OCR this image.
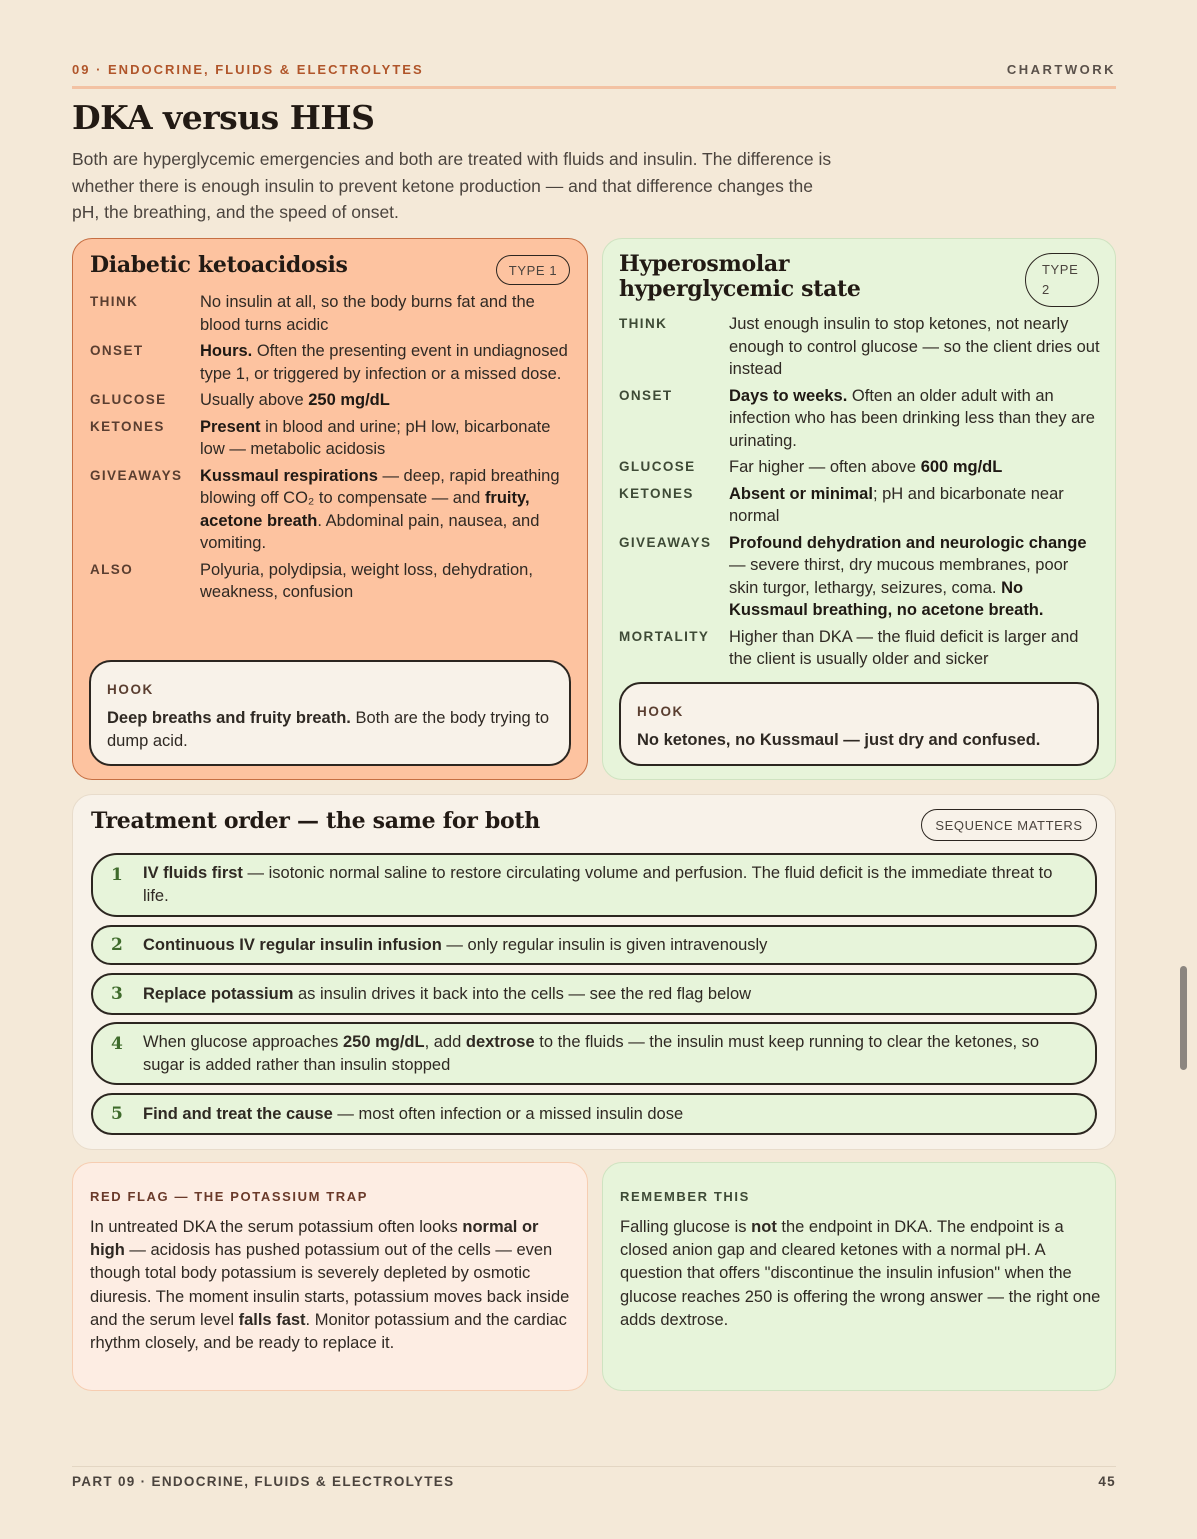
09 · ENDOCRINE, FLUIDS & ELECTROLYTES	CHARTWORK
DKA versus HHS

Both are hyperglycemic emergencies and both are treated with fluids and insulin. The difference is whether there is enough insulin to prevent ketone production — and that difference changes the pH, the breathing, and the speed of onset.

Diabetic ketoacidosis	TYPE 1
THINK	No insulin at all, so the body burns fat and the blood turns acidic
ONSET	Hours. Often the presenting event in undiagnosed type 1, or triggered by infection or a missed dose.
GLUCOSE	Usually above 250 mg/dL
KETONES	Present in blood and urine; pH low, bicarbonate low — metabolic acidosis
GIVEAWAYS	Kussmaul respirations — deep, rapid breathing blowing off CO₂ to compensate — and fruity, acetone breath. Abdominal pain, nausea, and vomiting.
ALSO	Polyuria, polydipsia, weight loss, dehydration, weakness, confusion
HOOK
Deep breaths and fruity breath. Both are the body trying to dump acid.
Hyperosmolar
hyperglycemic state
TYPE
2
THINK	Just enough insulin to stop ketones, not nearly enough to control glucose — so the client dries out instead
ONSET	Days to weeks. Often an older adult with an infection who has been drinking less than they are urinating.
GLUCOSE	Far higher — often above 600 mg/dL
KETONES	Absent or minimal; pH and bicarbonate near normal
GIVEAWAYS	Profound dehydration and neurologic change — severe thirst, dry mucous membranes, poor skin turgor, lethargy, seizures, coma. No Kussmaul breathing, no acetone breath.
MORTALITY	Higher than DKA — the fluid deficit is larger and the client is usually older and sicker
HOOK
No ketones, no Kussmaul — just dry and confused.
Treatment order — the same for both	SEQUENCE MATTERS
1	IV fluids first — isotonic normal saline to restore circulating volume and perfusion. The fluid deficit is the immediate threat to life.
2	Continuous IV regular insulin infusion — only regular insulin is given intravenously
3	Replace potassium as insulin drives it back into the cells — see the red flag below
4	When glucose approaches 250 mg/dL, add dextrose to the fluids — the insulin must keep running to clear the ketones, so sugar is added rather than insulin stopped
5	Find and treat the cause — most often infection or a missed insulin dose
RED FLAG — THE POTASSIUM TRAP
In untreated DKA the serum potassium often looks normal or high — acidosis has pushed potassium out of the cells — even though total body potassium is severely depleted by osmotic diuresis. The moment insulin starts, potassium moves back inside and the serum level falls fast. Monitor potassium and the cardiac rhythm closely, and be ready to replace it.
REMEMBER THIS
Falling glucose is not the endpoint in DKA. The endpoint is a closed anion gap and cleared ketones with a normal pH. A question that offers "discontinue the insulin infusion" when the glucose reaches 250 is offering the wrong answer — the right one adds dextrose.
PART 09 · ENDOCRINE, FLUIDS & ELECTROLYTES	45
